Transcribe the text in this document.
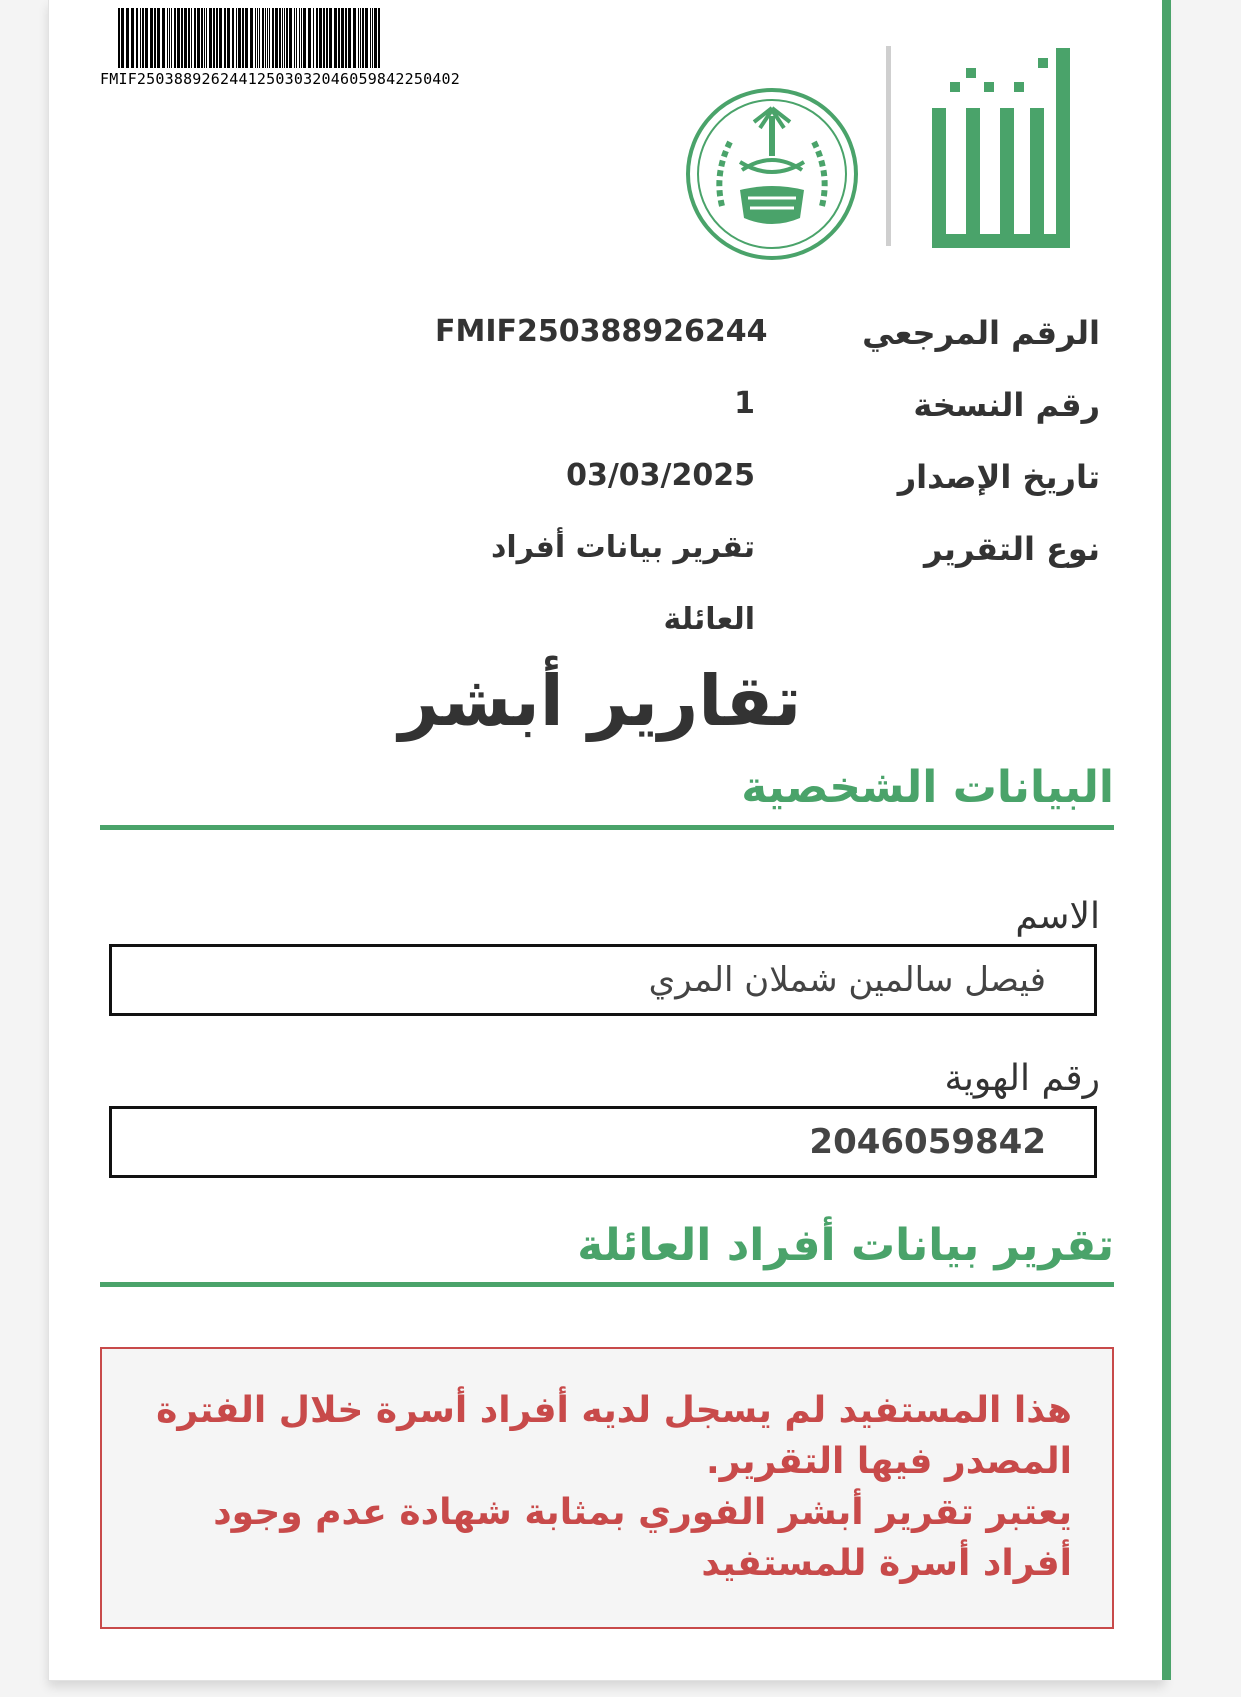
FMIF25038892624412503032046059842250402
الرقم المرجعي
FMIF250388926244
رقم النسخة
1
تاريخ الإصدار
03/03/2025
نوع التقرير
تقرير بيانات أفراد العائلة
تقارير أبشر
البيانات الشخصية
الاسم
فيصل سالمين شملان المري
رقم الهوية
2046059842
تقرير بيانات أفراد العائلة
هذا المستفيد لم يسجل لديه أفراد أسرة خلال الفترة المصدر فيها التقرير.
يعتبر تقرير أبشر الفوري بمثابة شهادة عدم وجود أفراد أسرة للمستفيد
